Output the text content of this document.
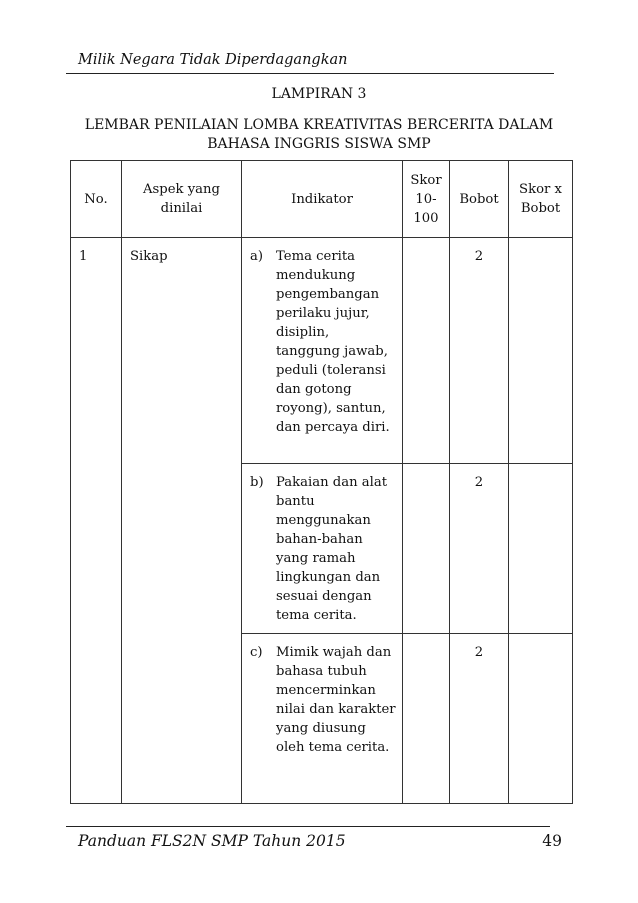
Milik Negara Tidak Diperdagangkan
LAMPIRAN 3
LEMBAR PENILAIAN LOMBA KREATIVITAS BERCERITA DALAM BAHASA INGGRIS SISWA SMP
No.	Aspek yang dinilai	Indikator	Skor 10-100	Bobot	Skor x Bobot
1	Sikap	a) Tema cerita mendukung pengembangan perilaku jujur, disiplin, tanggung jawab, peduli (toleransi dan gotong royong), santun, dan percaya diri.		2	

		b) Pakaian dan alat bantu menggunakan bahan-bahan yang ramah lingkungan dan sesuai dengan tema cerita.		2	

		c) Mimik wajah dan bahasa tubuh mencerminkan nilai dan karakter yang diusung oleh tema cerita.		2	
Panduan FLS2N SMP Tahun 2015	49
